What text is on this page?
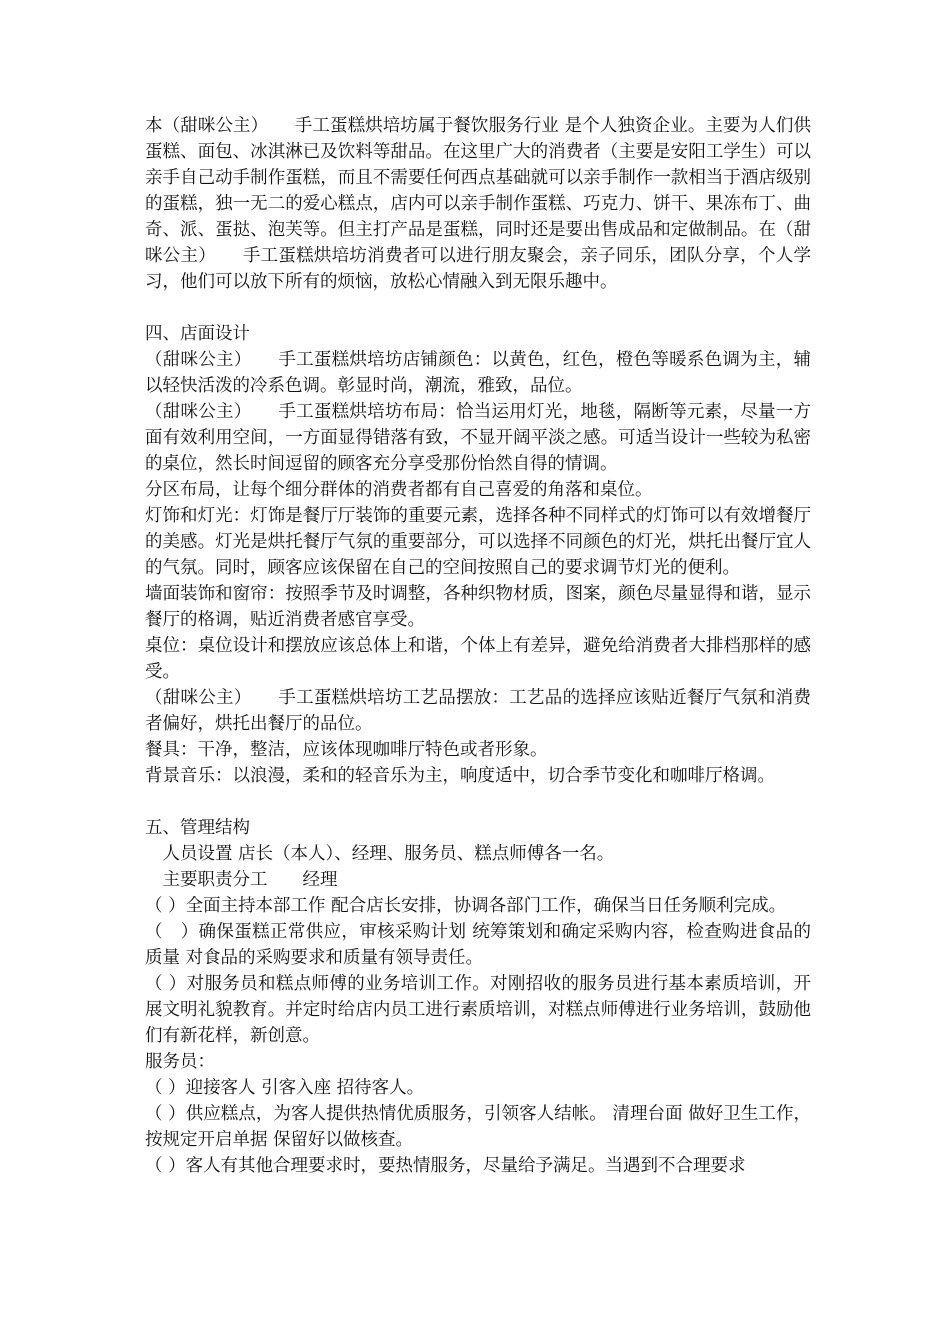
本（甜咪公主）　　手工蛋糕烘培坊属于餐饮服务行业 是个人独资企业。主要为人们供蛋糕、面包、冰淇淋已及饮料等甜品。在这里广大的消费者（主要是安阳工学生）可以亲手自己动手制作蛋糕，而且不需要任何西点基础就可以亲手制作一款相当于酒店级别的蛋糕，独一无二的爱心糕点，店内可以亲手制作蛋糕、巧克力、饼干、果冻布丁、曲奇、派、蛋挞、泡芙等。但主打产品是蛋糕，同时还是要出售成品和定做制品。在（甜咪公主）　　手工蛋糕烘培坊消费者可以进行朋友聚会，亲子同乐，团队分享，个人学习，他们可以放下所有的烦恼，放松心情融入到无限乐趣中。

四、店面设计

（甜咪公主）　　手工蛋糕烘培坊店铺颜色：以黄色，红色，橙色等暖系色调为主，辅以轻快活泼的冷系色调。彰显时尚，潮流，雅致，品位。

（甜咪公主）　　手工蛋糕烘培坊布局：恰当运用灯光，地毯，隔断等元素，尽量一方面有效利用空间，一方面显得错落有致，不显开阔平淡之感。可适当设计一些较为私密的桌位，然长时间逗留的顾客充分享受那份怡然自得的情调。

分区布局，让每个细分群体的消费者都有自己喜爱的角落和桌位。

灯饰和灯光：灯饰是餐厅厅装饰的重要元素，选择各种不同样式的灯饰可以有效增餐厅的美感。灯光是烘托餐厅气氛的重要部分，可以选择不同颜色的灯光，烘托出餐厅宜人的气氛。同时，顾客应该保留在自己的空间按照自己的要求调节灯光的便利。

墙面装饰和窗帘：按照季节及时调整，各种织物材质，图案，颜色尽量显得和谐，显示餐厅的格调，贴近消费者感官享受。

桌位：桌位设计和摆放应该总体上和谐，个体上有差异，避免给消费者大排档那样的感受。

（甜咪公主）　　手工蛋糕烘培坊工艺品摆放：工艺品的选择应该贴近餐厅气氛和消费者偏好，烘托出餐厅的品位。

餐具：干净，整洁，应该体现咖啡厅特色或者形象。

背景音乐：以浪漫，柔和的轻音乐为主，响度适中，切合季节变化和咖啡厅格调。

五、管理结构

　人员设置 店长（本人）、经理、服务员、糕点师傅各一名。

　主要职责分工　　经理

（ ）全面主持本部工作 配合店长安排，协调各部门工作，确保当日任务顺利完成。

（　）确保蛋糕正常供应，审核采购计划 统筹策划和确定采购内容，检查购进食品的质量 对食品的采购要求和质量有领导责任。

（ ）对服务员和糕点师傅的业务培训工作。对刚招收的服务员进行基本素质培训，开展文明礼貌教育。并定时给店内员工进行素质培训，对糕点师傅进行业务培训，鼓励他们有新花样，新创意。

服务员：

（ ）迎接客人 引客入座 招待客人。

（ ）供应糕点，为客人提供热情优质服务，引领客人结帐。 清理台面 做好卫生工作，按规定开启单据 保留好以做核查。

（ ）客人有其他合理要求时，要热情服务，尽量给予满足。当遇到不合理要求
